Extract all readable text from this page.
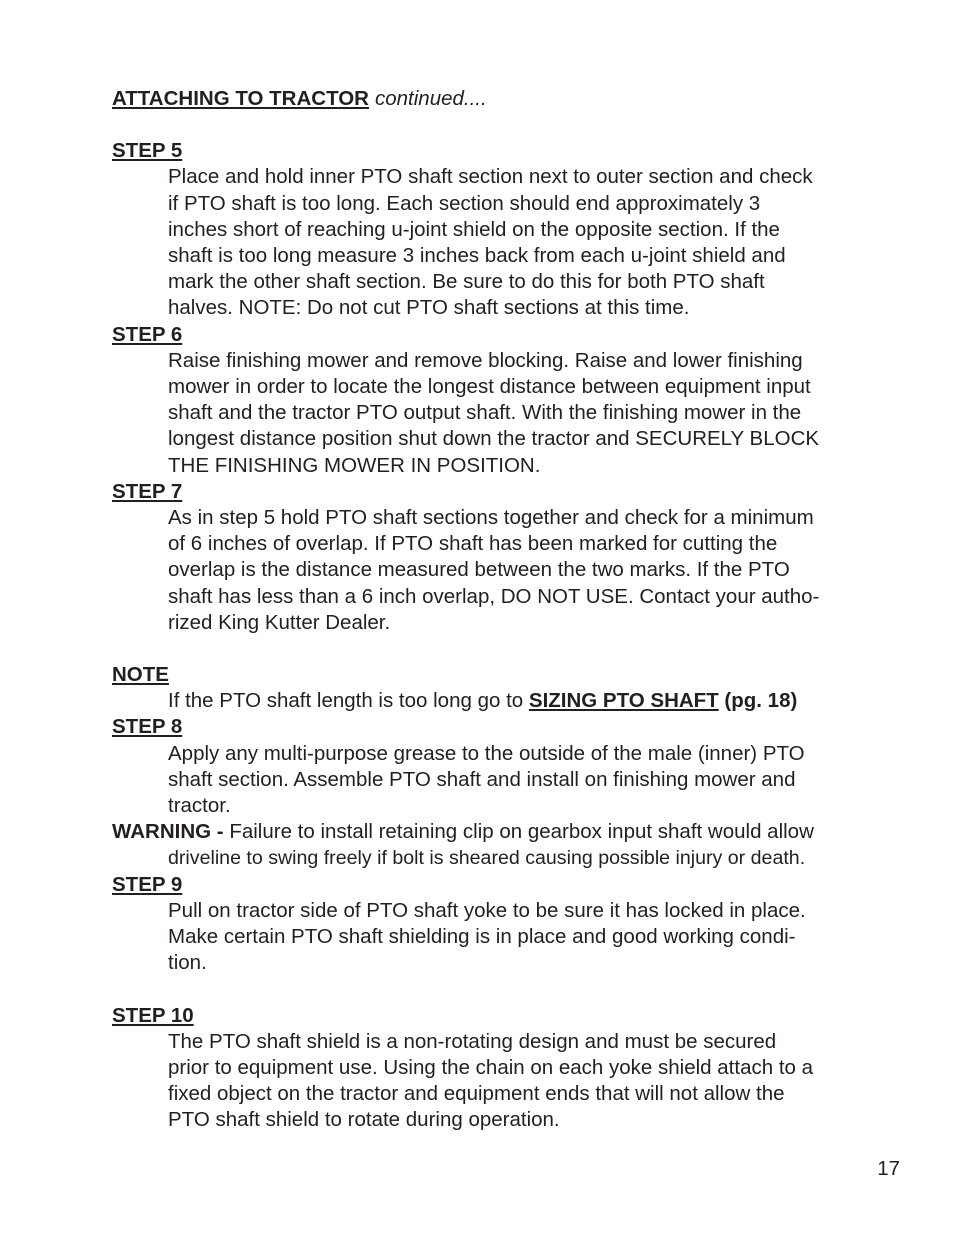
ATTACHING TO TRACTOR continued....
STEP 5
Place and hold inner PTO shaft section next to outer section and check
if PTO shaft is too long. Each section should end approximately 3
inches short of reaching u-joint shield on the opposite section. If the
shaft is too long measure 3 inches back from each u-joint shield and
mark the other shaft section. Be sure to do this for both PTO shaft
halves. NOTE: Do not cut PTO shaft sections at this time.
STEP 6
Raise finishing mower and remove blocking. Raise and lower finishing
mower in order to locate the longest distance between equipment input
shaft and the tractor PTO output shaft. With the finishing mower in the
longest distance position shut down the tractor and SECURELY BLOCK
THE FINISHING MOWER IN POSITION.
STEP 7
As in step 5 hold PTO shaft sections together and check for a minimum
of 6 inches of overlap. If PTO shaft has been marked for cutting the
overlap is the distance measured between the two marks. If the PTO
shaft has less than a 6 inch overlap, DO NOT USE. Contact your autho-
rized King Kutter Dealer.
NOTE
If the PTO shaft length is too long go to SIZING PTO SHAFT (pg. 18)
STEP 8
Apply any multi-purpose grease to the outside of the male (inner) PTO
shaft section. Assemble PTO shaft and install on finishing mower and
tractor.
WARNING - Failure to install retaining clip on gearbox input shaft would allow
driveline to swing freely if bolt is sheared causing possible injury or death.
STEP 9
Pull on tractor side of PTO shaft yoke to be sure it has locked in place.
Make certain PTO shaft shielding is in place and good working condi-
tion.
STEP 10
The PTO shaft shield is a non-rotating design and must be secured
prior to equipment use. Using the chain on each yoke shield attach to a
fixed object on the tractor and equipment ends that will not allow the
PTO shaft shield to rotate during operation.
17
